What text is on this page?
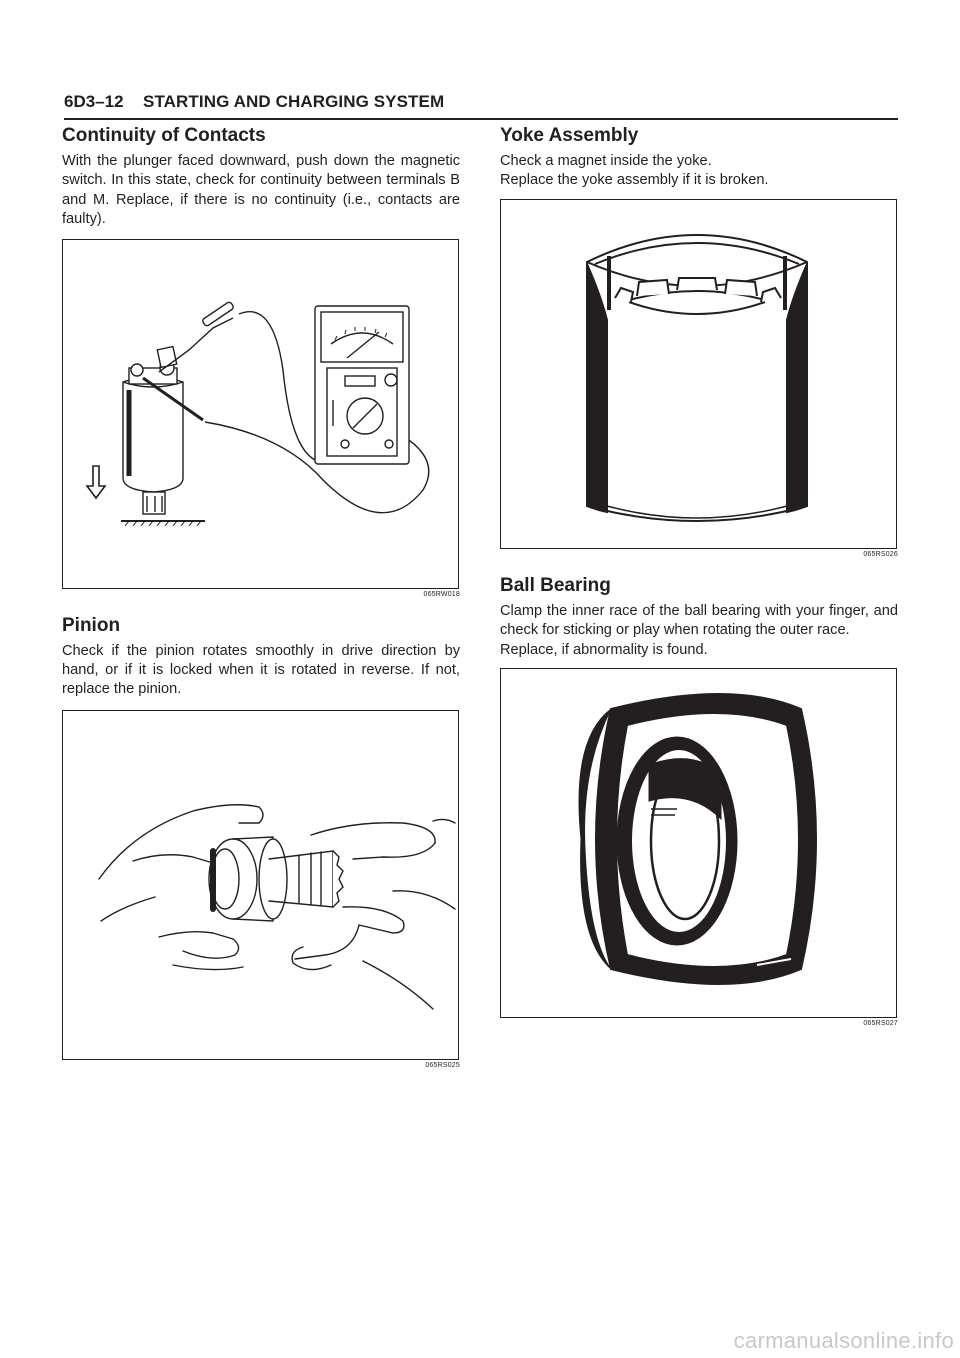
6D3–12 STARTING AND CHARGING SYSTEM
Continuity of Contacts

With the plunger faced downward, push down the magnetic switch. In this state, check for continuity between terminals B and M. Replace, if there is no continuity (i.e., contacts are faulty).

065RW018
Pinion

Check if the pinion rotates smoothly in drive direction by hand, or if it is locked when it is rotated in reverse. If not, replace the pinion.

065RS025
Yoke Assembly

Check a magnet inside the yoke.

Replace the yoke assembly if it is broken.

065RS026
Ball Bearing

Clamp the inner race of the ball bearing with your finger, and check for sticking or play when rotating the outer race.

Replace, if abnormality is found.

065RS027
carmanualsonline.info
